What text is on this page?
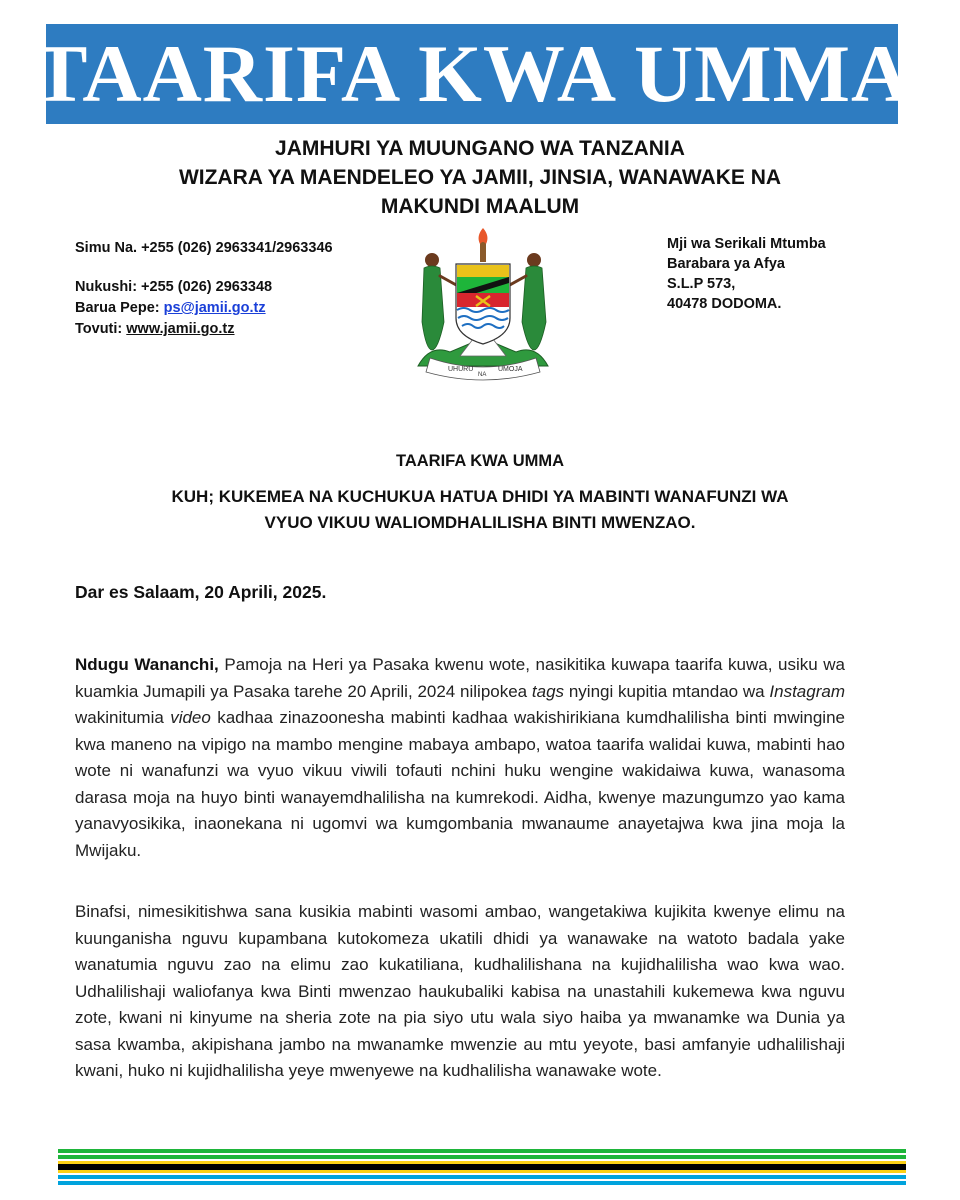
TAARIFA KWA UMMA
JAMHURI YA MUUNGANO WA TANZANIA
WIZARA YA MAENDELEO YA JAMII, JINSIA, WANAWAKE NA
MAKUNDI MAALUM
Simu Na. +255 (026) 2963341/2963346
Nukushi: +255 (026) 2963348
Barua Pepe: ps@jamii.go.tz
Tovuti: www.jamii.go.tz
UHURU
NA
UMOJA
Mji wa Serikali Mtumba
Barabara ya Afya
S.L.P 573,
40478 DODOMA.
TAARIFA KWA UMMA
KUH; KUKEMEA NA KUCHUKUA HATUA DHIDI YA MABINTI WANAFUNZI WA
VYUO VIKUU WALIOMDHALILISHA BINTI MWENZAO.
Dar es Salaam, 20 Aprili, 2025.
Ndugu Wananchi, Pamoja na Heri ya Pasaka kwenu wote, nasikitika kuwapa taarifa kuwa, usiku wa kuamkia Jumapili ya Pasaka tarehe 20 Aprili, 2024 nilipokea tags nyingi kupitia mtandao wa Instagram wakinitumia video kadhaa zinazoonesha mabinti kadhaa wakishirikiana kumdhalilisha binti mwingine kwa maneno na vipigo na mambo mengine mabaya ambapo, watoa taarifa walidai kuwa, mabinti hao wote ni wanafunzi wa vyuo vikuu viwili tofauti nchini huku wengine wakidaiwa kuwa, wanasoma darasa moja na huyo binti wanayemdhalilisha na kumrekodi. Aidha, kwenye mazungumzo yao kama yanavyosikika, inaonekana ni ugomvi wa kumgombania mwanaume anayetajwa kwa jina moja la Mwijaku.
Binafsi, nimesikitishwa sana kusikia mabinti wasomi ambao, wangetakiwa kujikita kwenye elimu na kuunganisha nguvu kupambana kutokomeza ukatili dhidi ya wanawake na watoto badala yake wanatumia nguvu zao na elimu zao kukatiliana, kudhalilishana na kujidhalilisha wao kwa wao. Udhalilishaji waliofanya kwa Binti mwenzao haukubaliki kabisa na unastahili kukemewa kwa nguvu zote, kwani ni kinyume na sheria zote na pia siyo utu wala siyo haiba ya mwanamke wa Dunia ya sasa kwamba, akipishana jambo na mwanamke mwenzie au mtu yeyote, basi amfanyie udhalilishaji kwani, huko ni kujidhalilisha yeye mwenyewe na kudhalilisha wanawake wote.
